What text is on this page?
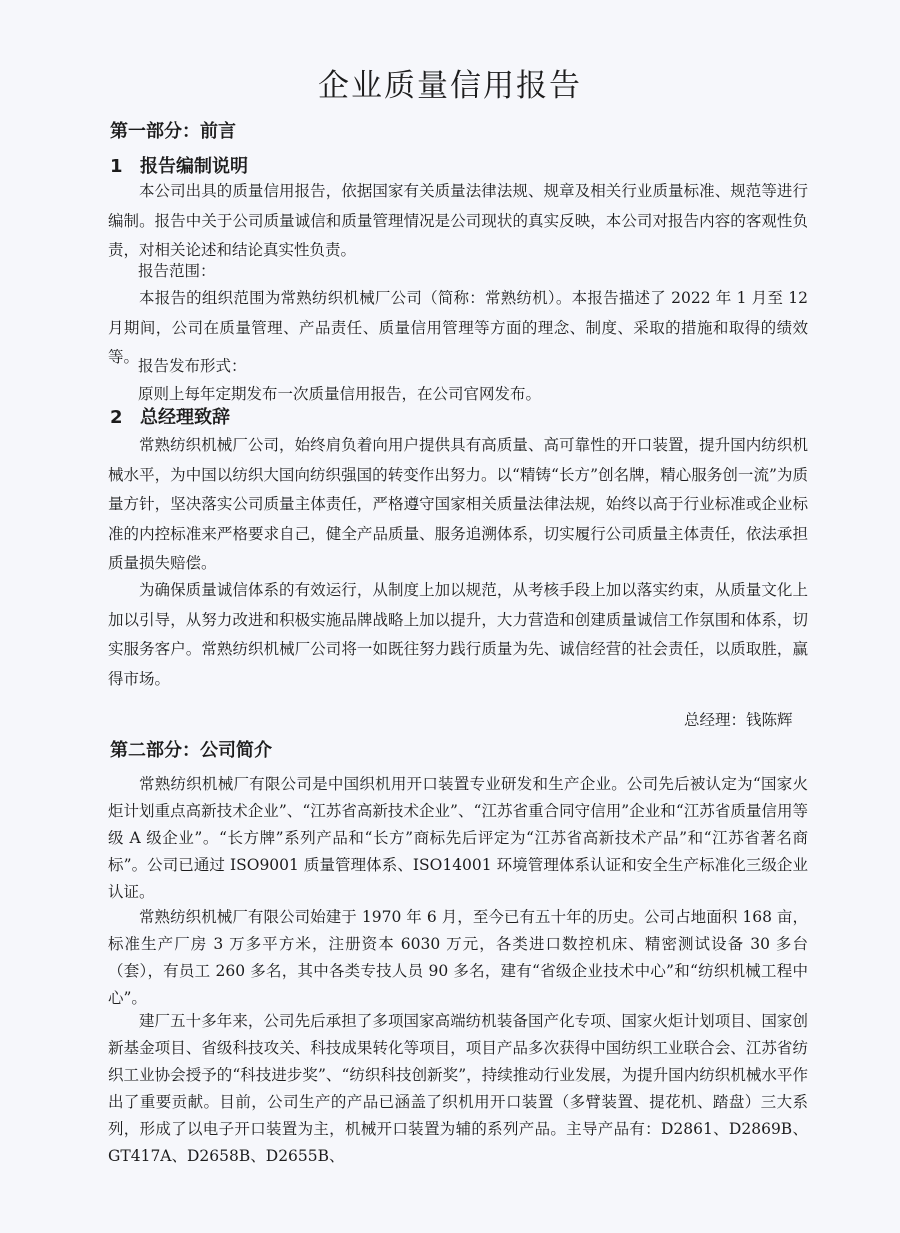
企业质量信用报告
第一部分：前言
1 报告编制说明

本公司出具的质量信用报告，依据国家有关质量法律法规、规章及相关行业质量标准、规范等进行编制。报告中关于公司质量诚信和质量管理情况是公司现状的真实反映，本公司对报告内容的客观性负责，对相关论述和结论真实性负责。

报告范围：

本报告的组织范围为常熟纺织机械厂公司（简称：常熟纺机）。本报告描述了 2022 年 1 月至 12 月期间，公司在质量管理、产品责任、质量信用管理等方面的理念、制度、采取的措施和取得的绩效等。

报告发布形式：

原则上每年定期发布一次质量信用报告，在公司官网发布。

2 总经理致辞

常熟纺织机械厂公司，始终肩负着向用户提供具有高质量、高可靠性的开口装置，提升国内纺织机械水平，为中国以纺织大国向纺织强国的转变作出努力。以“精铸“长方”创名牌，精心服务创一流”为质量方针，坚决落实公司质量主体责任，严格遵守国家相关质量法律法规，始终以高于行业标准或企业标准的内控标准来严格要求自己，健全产品质量、服务追溯体系，切实履行公司质量主体责任，依法承担质量损失赔偿。

为确保质量诚信体系的有效运行，从制度上加以规范，从考核手段上加以落实约束，从质量文化上加以引导，从努力改进和积极实施品牌战略上加以提升，大力营造和创建质量诚信工作氛围和体系，切实服务客户。常熟纺织机械厂公司将一如既往努力践行质量为先、诚信经营的社会责任，以质取胜，赢得市场。

总经理：钱陈辉
第二部分：公司简介

常熟纺织机械厂有限公司是中国织机用开口装置专业研发和生产企业。公司先后被认定为“国家火炬计划重点高新技术企业”、“江苏省高新技术企业”、“江苏省重合同守信用”企业和“江苏省质量信用等级 A 级企业”。“长方牌”系列产品和“长方”商标先后评定为“江苏省高新技术产品”和“江苏省著名商标”。公司已通过 ISO9001 质量管理体系、ISO14001 环境管理体系认证和安全生产标准化三级企业认证。

常熟纺织机械厂有限公司始建于 1970 年 6 月，至今已有五十年的历史。公司占地面积 168 亩，标准生产厂房 3 万多平方米，注册资本 6030 万元，各类进口数控机床、精密测试设备 30 多台（套），有员工 260 多名，其中各类专技人员 90 多名，建有“省级企业技术中心”和“纺织机械工程中心”。

建厂五十多年来，公司先后承担了多项国家高端纺机装备国产化专项、国家火炬计划项目、国家创新基金项目、省级科技攻关、科技成果转化等项目，项目产品多次获得中国纺织工业联合会、江苏省纺织工业协会授予的“科技进步奖”、“纺织科技创新奖”，持续推动行业发展，为提升国内纺织机械水平作出了重要贡献。目前，公司生产的产品已涵盖了织机用开口装置（多臂装置、提花机、踏盘）三大系列，形成了以电子开口装置为主，机械开口装置为辅的系列产品。主导产品有：D2861、D2869B、GT417A、D2658B、D2655B、
